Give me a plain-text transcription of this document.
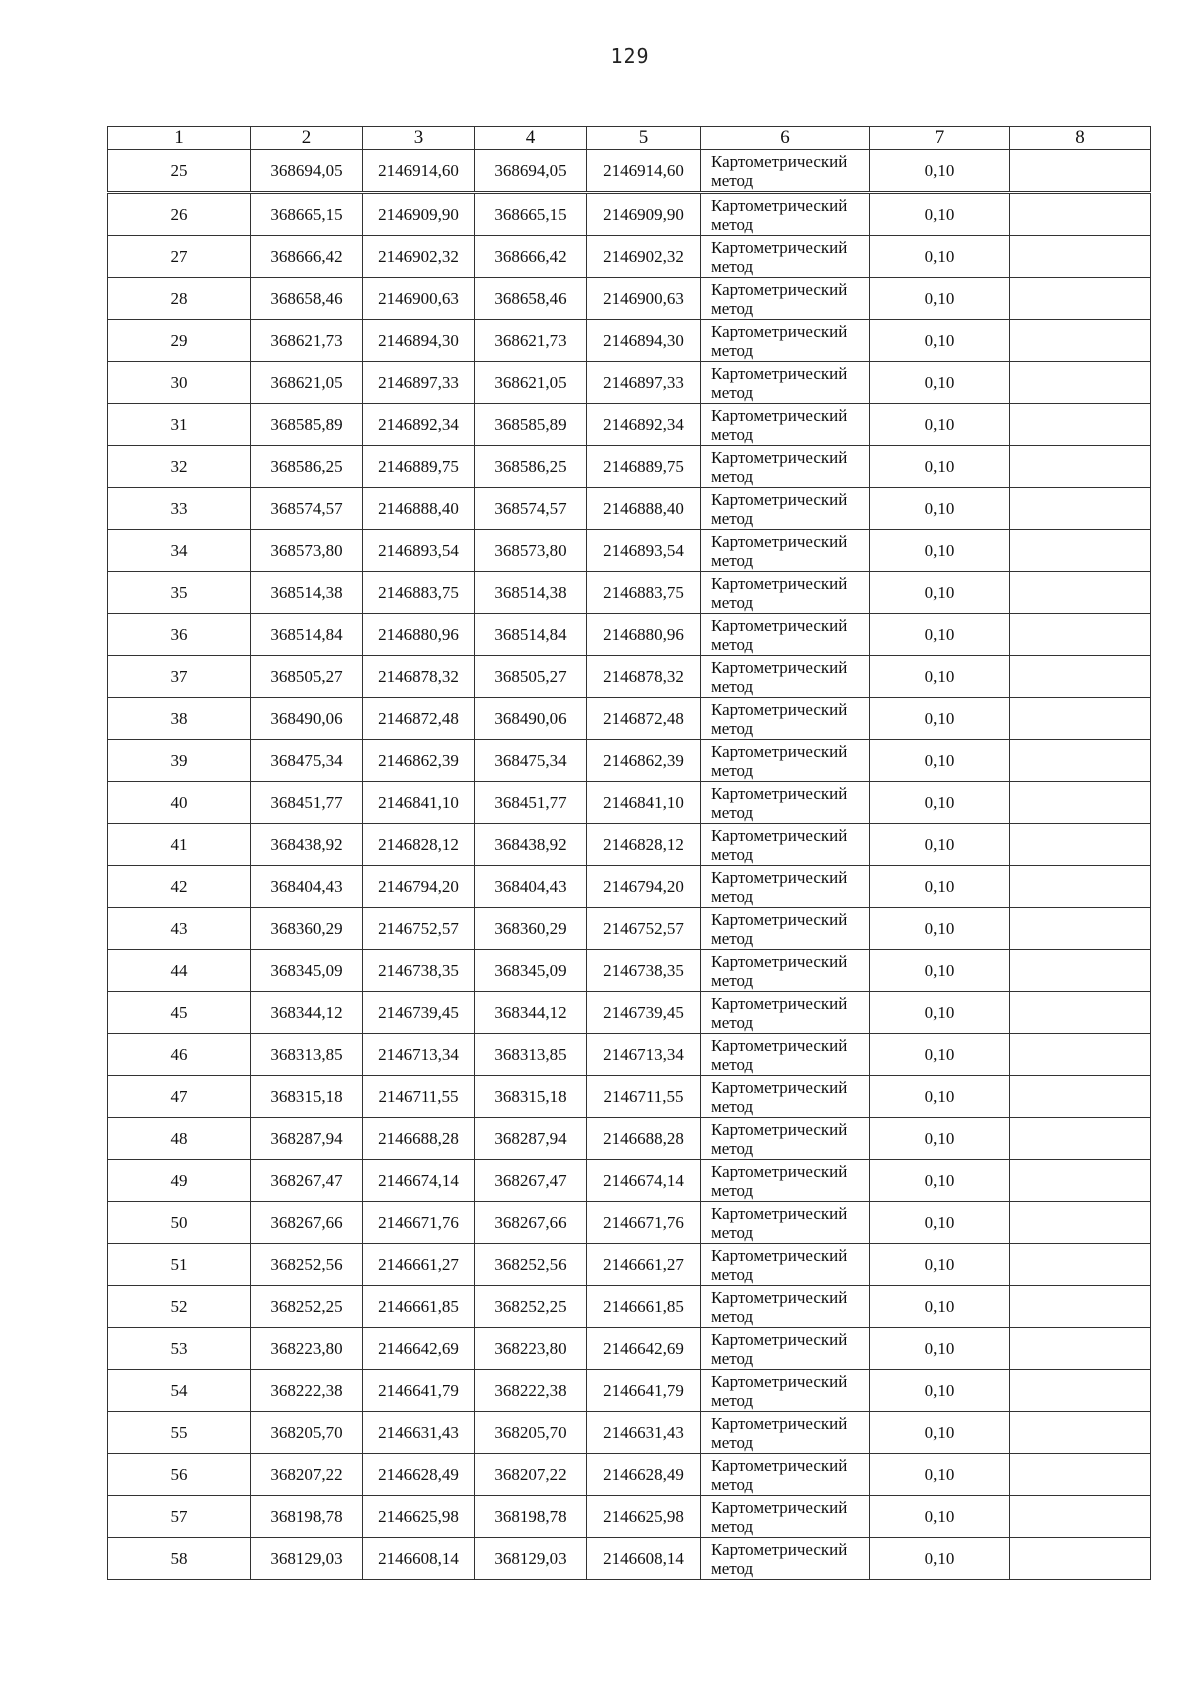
129
1	2	3	4	5	6	7	8
25	368694,05	2146914,60	368694,05	2146914,60	Картометрический метод	0,10	
26	368665,15	2146909,90	368665,15	2146909,90	Картометрический метод	0,10	
27	368666,42	2146902,32	368666,42	2146902,32	Картометрический метод	0,10	
28	368658,46	2146900,63	368658,46	2146900,63	Картометрический метод	0,10	
29	368621,73	2146894,30	368621,73	2146894,30	Картометрический метод	0,10	
30	368621,05	2146897,33	368621,05	2146897,33	Картометрический метод	0,10	
31	368585,89	2146892,34	368585,89	2146892,34	Картометрический метод	0,10	
32	368586,25	2146889,75	368586,25	2146889,75	Картометрический метод	0,10	
33	368574,57	2146888,40	368574,57	2146888,40	Картометрический метод	0,10	
34	368573,80	2146893,54	368573,80	2146893,54	Картометрический метод	0,10	
35	368514,38	2146883,75	368514,38	2146883,75	Картометрический метод	0,10	
36	368514,84	2146880,96	368514,84	2146880,96	Картометрический метод	0,10	
37	368505,27	2146878,32	368505,27	2146878,32	Картометрический метод	0,10	
38	368490,06	2146872,48	368490,06	2146872,48	Картометрический метод	0,10	
39	368475,34	2146862,39	368475,34	2146862,39	Картометрический метод	0,10	
40	368451,77	2146841,10	368451,77	2146841,10	Картометрический метод	0,10	
41	368438,92	2146828,12	368438,92	2146828,12	Картометрический метод	0,10	
42	368404,43	2146794,20	368404,43	2146794,20	Картометрический метод	0,10	
43	368360,29	2146752,57	368360,29	2146752,57	Картометрический метод	0,10	
44	368345,09	2146738,35	368345,09	2146738,35	Картометрический метод	0,10	
45	368344,12	2146739,45	368344,12	2146739,45	Картометрический метод	0,10	
46	368313,85	2146713,34	368313,85	2146713,34	Картометрический метод	0,10	
47	368315,18	2146711,55	368315,18	2146711,55	Картометрический метод	0,10	
48	368287,94	2146688,28	368287,94	2146688,28	Картометрический метод	0,10	
49	368267,47	2146674,14	368267,47	2146674,14	Картометрический метод	0,10	
50	368267,66	2146671,76	368267,66	2146671,76	Картометрический метод	0,10	
51	368252,56	2146661,27	368252,56	2146661,27	Картометрический метод	0,10	
52	368252,25	2146661,85	368252,25	2146661,85	Картометрический метод	0,10	
53	368223,80	2146642,69	368223,80	2146642,69	Картометрический метод	0,10	
54	368222,38	2146641,79	368222,38	2146641,79	Картометрический метод	0,10	
55	368205,70	2146631,43	368205,70	2146631,43	Картометрический метод	0,10	
56	368207,22	2146628,49	368207,22	2146628,49	Картометрический метод	0,10	
57	368198,78	2146625,98	368198,78	2146625,98	Картометрический метод	0,10	
58	368129,03	2146608,14	368129,03	2146608,14	Картометрический метод	0,10	
